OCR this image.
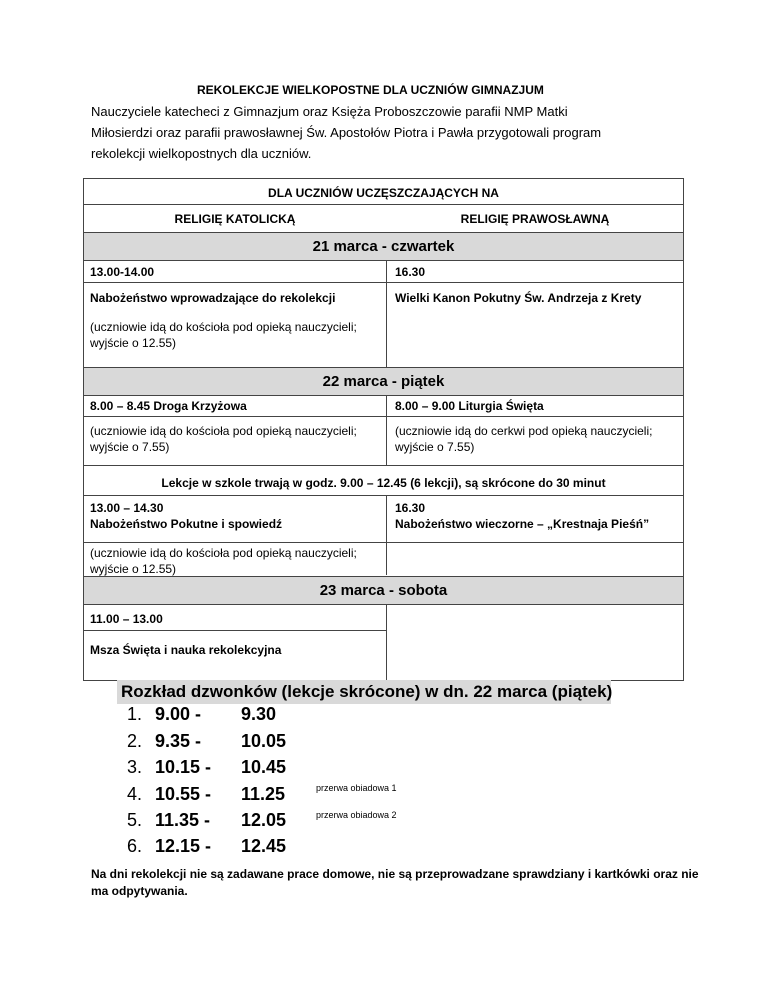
REKOLEKCJE WIELKOPOSTNE DLA UCZNIÓW GIMNAZJUM
Nauczyciele katecheci z Gimnazjum oraz Księża Proboszczowie parafii NMP Matki
Miłosierdzi oraz parafii prawosławnej Św. Apostołów Piotra i Pawła przygotowali program
rekolekcji wielkopostnych dla uczniów.
DLA UCZNIÓW UCZĘSZCZAJĄCYCH NA
RELIGIĘ KATOLICKĄ	RELIGIĘ PRAWOSŁAWNĄ
21 marca - czwartek
13.00-14.00
Nabożeństwo wprowadzające do rekolekcji
(uczniowie idą do kościoła pod opieką nauczycieli; wyjście o 12.55)
16.30
Wielki Kanon Pokutny Św. Andrzeja z Krety
22 marca - piątek
8.00 – 8.45 Droga Krzyżowa
(uczniowie idą do kościoła pod opieką nauczycieli; wyjście o 7.55)
8.00 – 9.00 Liturgia Święta
(uczniowie idą do cerkwi pod opieką nauczycieli; wyjście o 7.55)
Lekcje w szkole trwają w godz. 9.00 – 12.45 (6 lekcji), są skrócone do 30 minut
13.00 – 14.30
Nabożeństwo Pokutne i spowiedź
(uczniowie idą do kościoła pod opieką nauczycieli; wyjście o 12.55)
16.30
Nabożeństwo wieczorne – „Krestnaja Pieśń”
23 marca - sobota
11.00 – 13.00
Msza Święta i nauka rekolekcyjna
Rozkład dzwonków (lekcje skrócone) w dn. 22 marca (piątek)
1. 9.00 - 9.30
2. 9.35 - 10.05
3. 10.15 - 10.45
4. 10.55 - 11.25
5. 11.35 - 12.05
6. 12.15 - 12.45
przerwa obiadowa 1
przerwa obiadowa 2
Na dni rekolekcji nie są zadawane prace domowe, nie są przeprowadzane sprawdziany i kartkówki oraz nie ma odpytywania.
